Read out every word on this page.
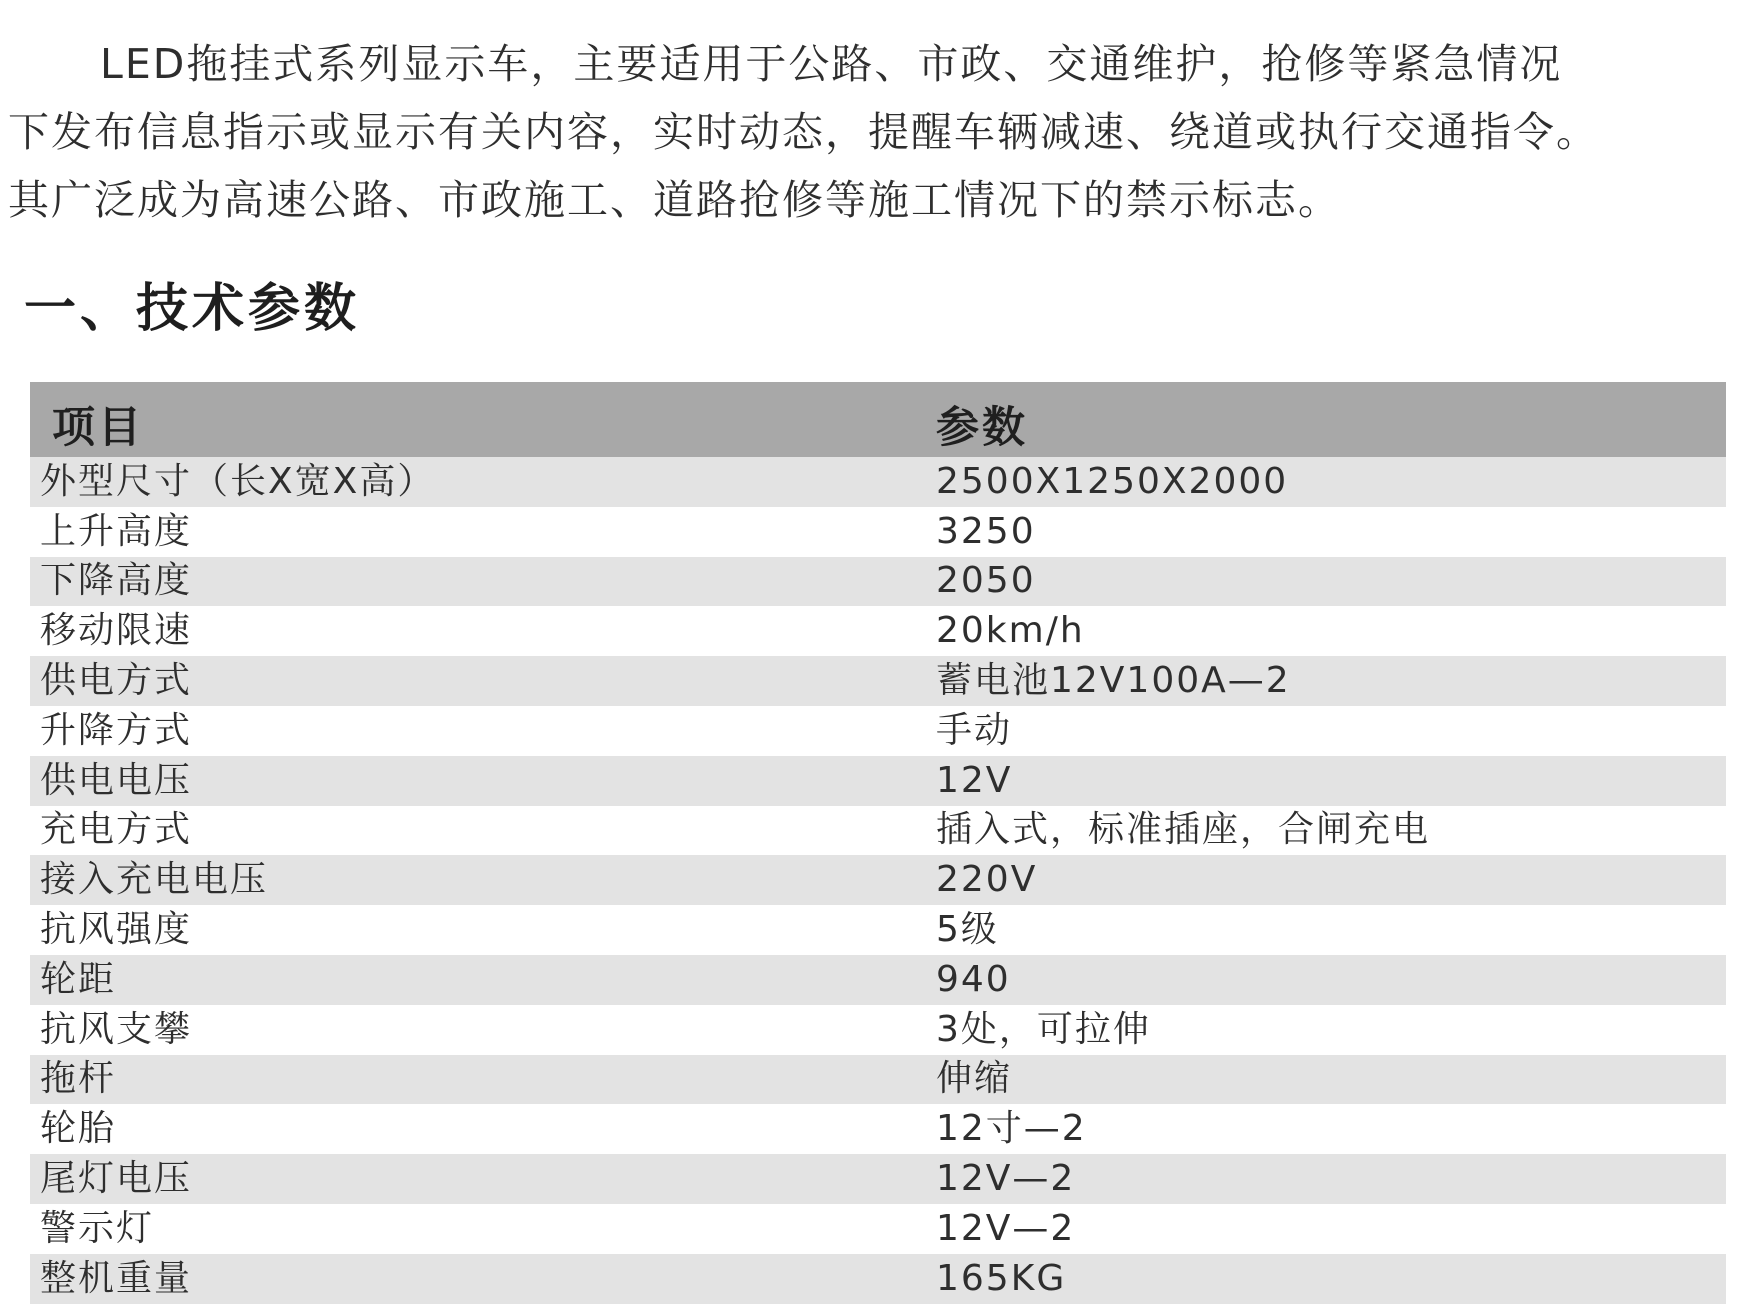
LED拖挂式系列显示车，主要适用于公路、市政、交通维护，抢修等紧急情况

下发布信息指示或显示有关内容，实时动态，提醒车辆减速、绕道或执行交通指令。

其广泛成为高速公路、市政施工、道路抢修等施工情况下的禁示标志。

一、技术参数
项目	参数
外型尺寸（长X宽X高）	2500X1250X2000
上升高度	3250
下降高度	2050
移动限速	20km/h
供电方式	蓄电池12V100A—2
升降方式	手动
供电电压	12V
充电方式	插入式，标准插座，合闸充电
接入充电电压	220V
抗风强度	5级
轮距	940
抗风支攀	3处，可拉伸
拖杆	伸缩
轮胎	12寸—2
尾灯电压	12V—2
警示灯	12V—2
整机重量	165KG
